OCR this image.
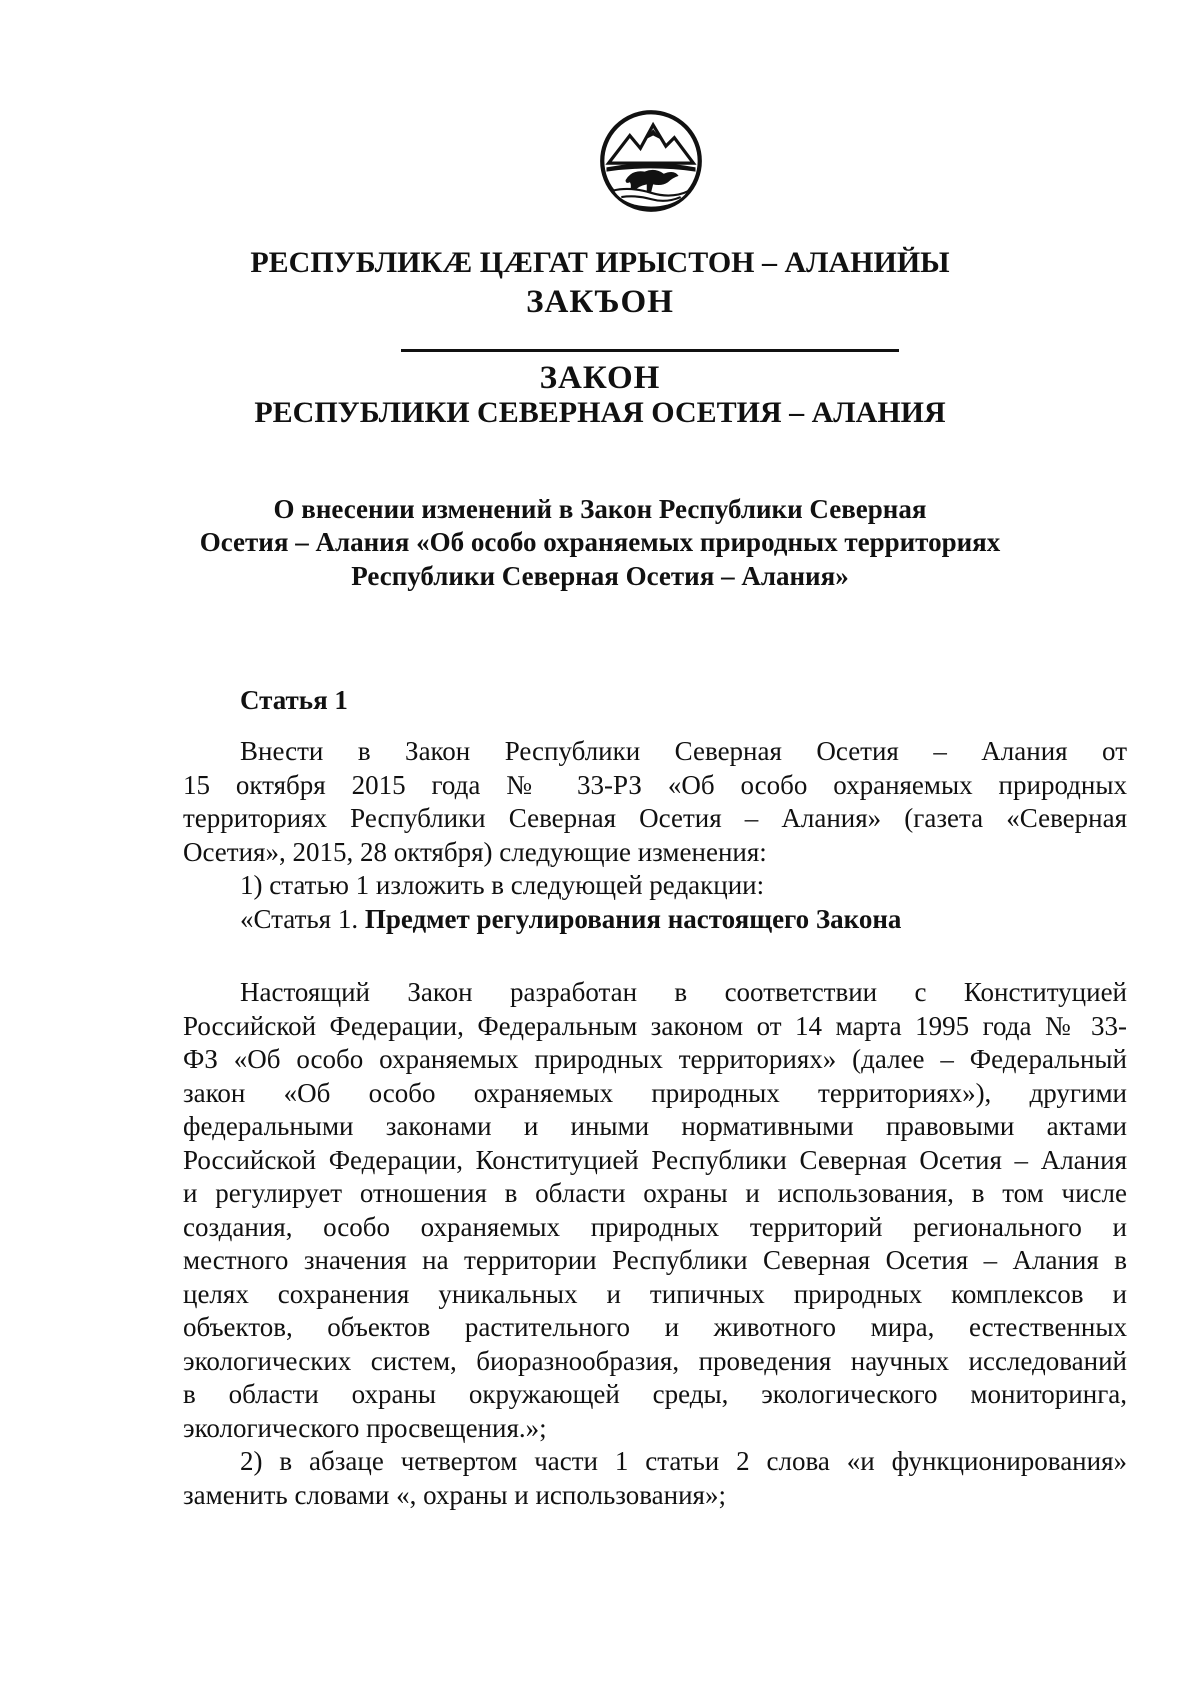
РЕСПУБЛИКÆ ЦÆГАТ ИРЫСТОН – АЛАНИЙЫ
ЗАКЪОН
ЗАКОН
РЕСПУБЛИКИ СЕВЕРНАЯ ОСЕТИЯ – АЛАНИЯ
О внесении изменений в Закон Республики Северная
Осетия – Алания «Об особо охраняемых природных территориях
Республики Северная Осетия – Алания»
Статья 1
Внести в Закон Республики Северная Осетия – Алания от
15 октября 2015 года № 33-РЗ «Об особо охраняемых природных
территориях Республики Северная Осетия – Алания» (газета «Северная
Осетия», 2015, 28 октября) следующие изменения:
1) статью 1 изложить в следующей редакции:
«Статья 1. Предмет регулирования настоящего Закона
Настоящий Закон разработан в соответствии с Конституцией
Российской Федерации, Федеральным законом от 14 марта 1995 года № 33-
ФЗ «Об особо охраняемых природных территориях» (далее – Федеральный
закон «Об особо охраняемых природных территориях»), другими
федеральными законами и иными нормативными правовыми актами
Российской Федерации, Конституцией Республики Северная Осетия – Алания
и регулирует отношения в области охраны и использования, в том числе
создания, особо охраняемых природных территорий регионального и
местного значения на территории Республики Северная Осетия – Алания в
целях сохранения уникальных и типичных природных комплексов и
объектов, объектов растительного и животного мира, естественных
экологических систем, биоразнообразия, проведения научных исследований
в области охраны окружающей среды, экологического мониторинга,
экологического просвещения.»;
2) в абзаце четвертом части 1 статьи 2 слова «и функционирования»
заменить словами «, охраны и использования»;
